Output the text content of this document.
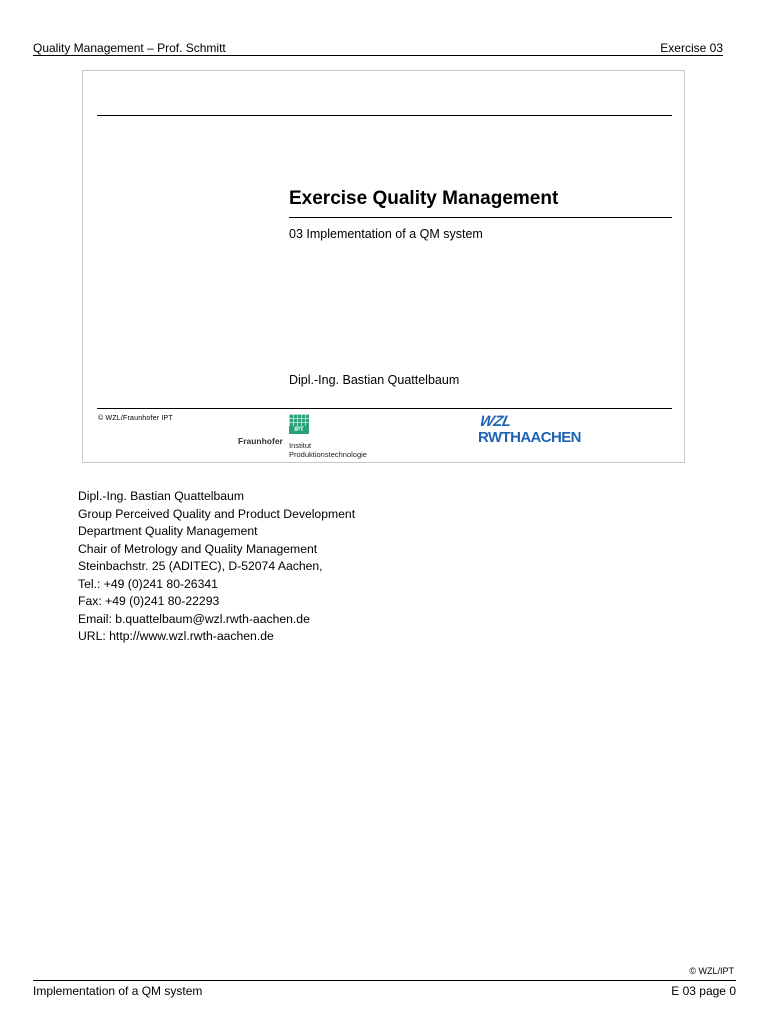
Quality Management – Prof. Schmitt	Exercise 03
Exercise Quality Management
03 Implementation of a QM system
Dipl.-Ing. Bastian Quattelbaum
© WZL/Fraunhofer IPT
IPT
Fraunhofer Institut
Produktionstechnologie
WZL
RWTHAACHEN
Dipl.-Ing. Bastian Quattelbaum
Group Perceived Quality and Product Development
Department Quality Management
Chair of Metrology and Quality Management
Steinbachstr. 25 (ADITEC), D-52074 Aachen,
Tel.: +49 (0)241 80-26341
Fax: +49 (0)241 80-22293
Email: b.quattelbaum@wzl.rwth-aachen.de
URL: http://www.wzl.rwth-aachen.de
© WZL/IPT
Implementation of a QM system	E 03 page 0
